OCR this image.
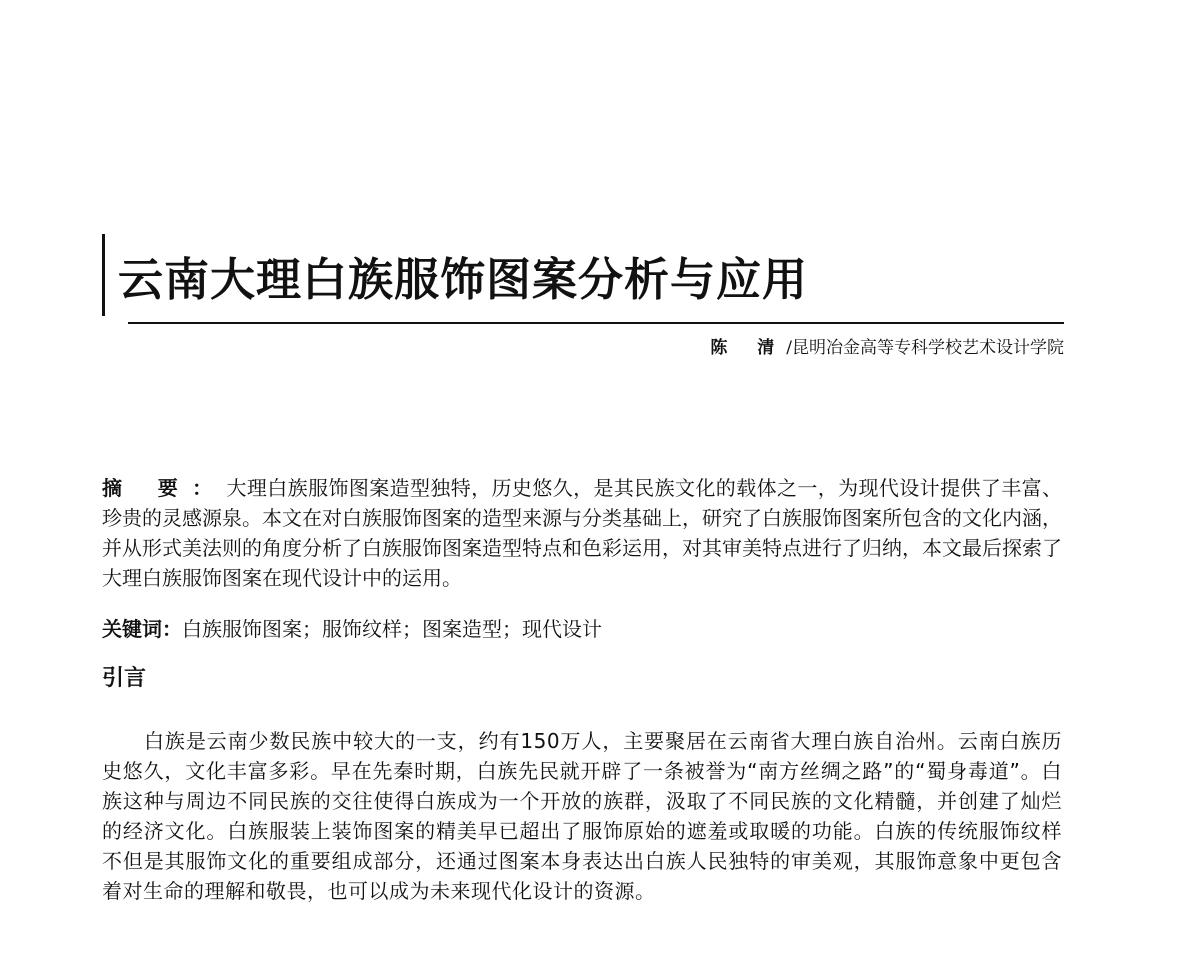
云南大理白族服饰图案分析与应用
陈 清/昆明冶金高等专科学校艺术设计学院
摘 要：大理白族服饰图案造型独特，历史悠久，是其民族文化的载体之一，为现代设计提供了丰富、珍贵的灵感源泉。本文在对白族服饰图案的造型来源与分类基础上，研究了白族服饰图案所包含的文化内涵，并从形式美法则的角度分析了白族服饰图案造型特点和色彩运用，对其审美特点进行了归纳，本文最后探索了大理白族服饰图案在现代设计中的运用。
关键词：白族服饰图案；服饰纹样；图案造型；现代设计
引言
白族是云南少数民族中较大的一支，约有150万人，主要聚居在云南省大理白族自治州。云南白族历史悠久，文化丰富多彩。早在先秦时期，白族先民就开辟了一条被誉为“南方丝绸之路”的“蜀身毒道”。白族这种与周边不同民族的交往使得白族成为一个开放的族群，汲取了不同民族的文化精髓，并创建了灿烂的经济文化。白族服装上装饰图案的精美早已超出了服饰原始的遮羞或取暖的功能。白族的传统服饰纹样不但是其服饰文化的重要组成部分，还通过图案本身表达出白族人民独特的审美观，其服饰意象中更包含着对生命的理解和敬畏，也可以成为未来现代化设计的资源。
